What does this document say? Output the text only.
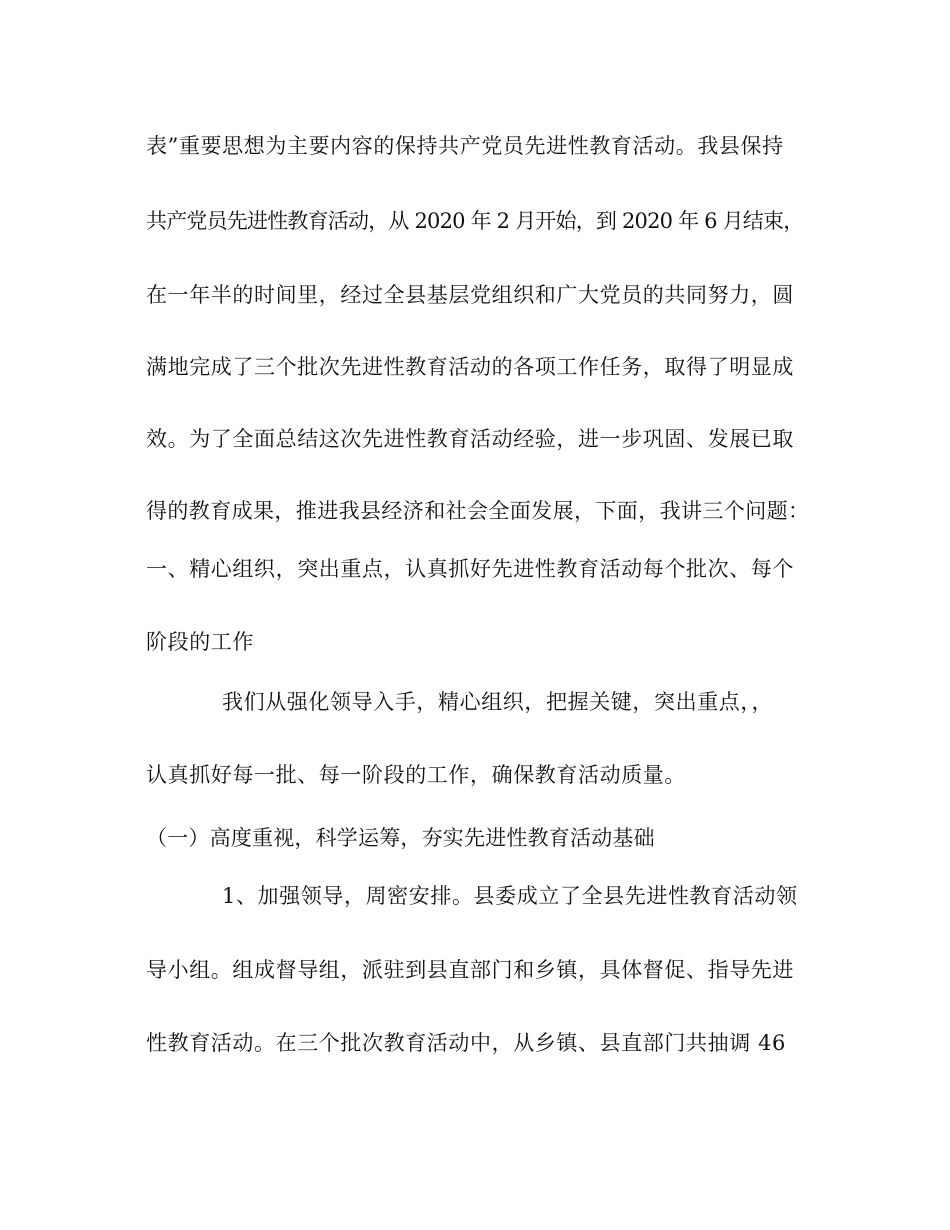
表”重要思想为主要内容的保持共产党员先进性教育活动。我县保持
共产党员先进性教育活动，从 2020 年 2 月开始，到 2020 年 6 月结束，
在一年半的时间里，经过全县基层党组织和广大党员的共同努力，圆
满地完成了三个批次先进性教育活动的各项工作任务，取得了明显成
效。为了全面总结这次先进性教育活动经验，进一步巩固、发展已取
得的教育成果，推进我县经济和社会全面发展，下面，我讲三个问题：
一、精心组织，突出重点，认真抓好先进性教育活动每个批次、每个
阶段的工作
我们从强化领导入手，精心组织，把握关键，突出重点，，
认真抓好每一批、每一阶段的工作，确保教育活动质量。
（一）高度重视，科学运筹，夯实先进性教育活动基础
1、加强领导，周密安排。县委成立了全县先进性教育活动领
导小组。组成督导组，派驻到县直部门和乡镇，具体督促、指导先进
性教育活动。在三个批次教育活动中，从乡镇、县直部门共抽调 46
